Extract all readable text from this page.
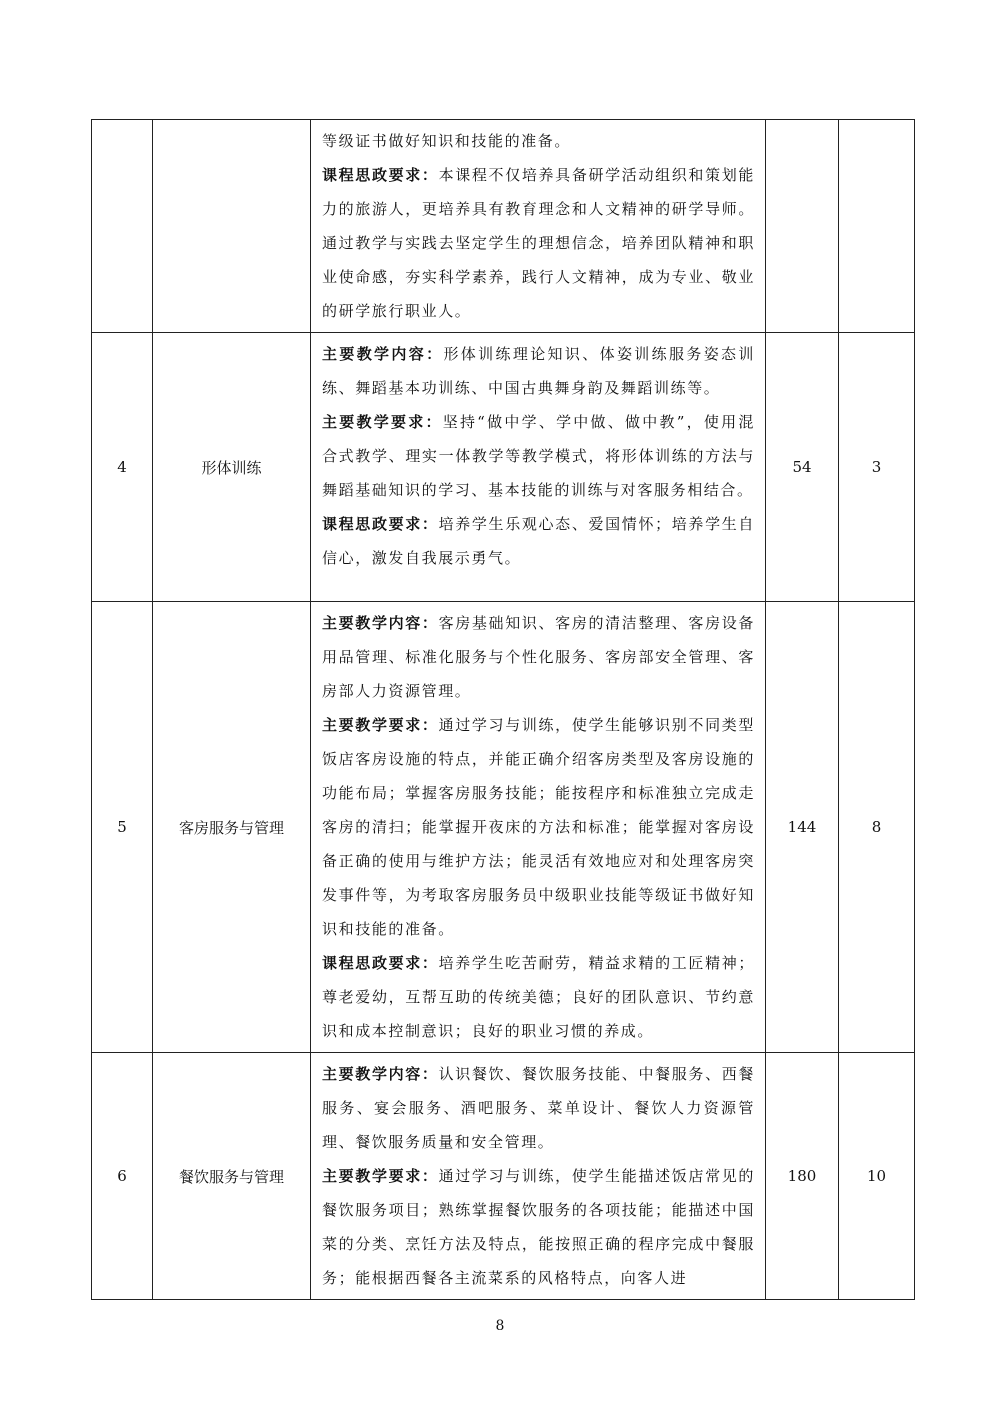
		等级证书做好知识和技能的准备。

课程思政要求：本课程不仅培养具备研学活动组织和策划能力的旅游人，更培养具有教育理念和人文精神的研学导师。通过教学与实践去坚定学生的理想信念，培养团队精神和职业使命感，夯实科学素养，践行人文精神，成为专业、敬业的研学旅行职业人。		

4	形体训练	主要教学内容：形体训练理论知识、体姿训练服务姿态训练、舞蹈基本功训练、中国古典舞身韵及舞蹈训练等。

主要教学要求：坚持“做中学、学中做、做中教”，使用混合式教学、理实一体教学等教学模式，将形体训练的方法与舞蹈基础知识的学习、基本技能的训练与对客服务相结合。

课程思政要求：培养学生乐观心态、爱国情怀；培养学生自信心，激发自我展示勇气。	54	3
5	客房服务与管理	主要教学内容：客房基础知识、客房的清洁整理、客房设备用品管理、标准化服务与个性化服务、客房部安全管理、客房部人力资源管理。

主要教学要求：通过学习与训练，使学生能够识别不同类型饭店客房设施的特点，并能正确介绍客房类型及客房设施的功能布局；掌握客房服务技能；能按程序和标准独立完成走客房的清扫；能掌握开夜床的方法和标准；能掌握对客房设备正确的使用与维护方法；能灵活有效地应对和处理客房突发事件等，为考取客房服务员中级职业技能等级证书做好知识和技能的准备。

课程思政要求：培养学生吃苦耐劳，精益求精的工匠精神；尊老爱幼，互帮互助的传统美德；良好的团队意识、节约意识和成本控制意识；良好的职业习惯的养成。	144	8
6	餐饮服务与管理	主要教学内容：认识餐饮、餐饮服务技能、中餐服务、西餐服务、宴会服务、酒吧服务、菜单设计、餐饮人力资源管理、餐饮服务质量和安全管理。

主要教学要求：通过学习与训练，使学生能描述饭店常见的餐饮服务项目；熟练掌握餐饮服务的各项技能；能描述中国菜的分类、烹饪方法及特点，能按照正确的程序完成中餐服务；能根据西餐各主流菜系的风格特点，向客人进	180	10
8
